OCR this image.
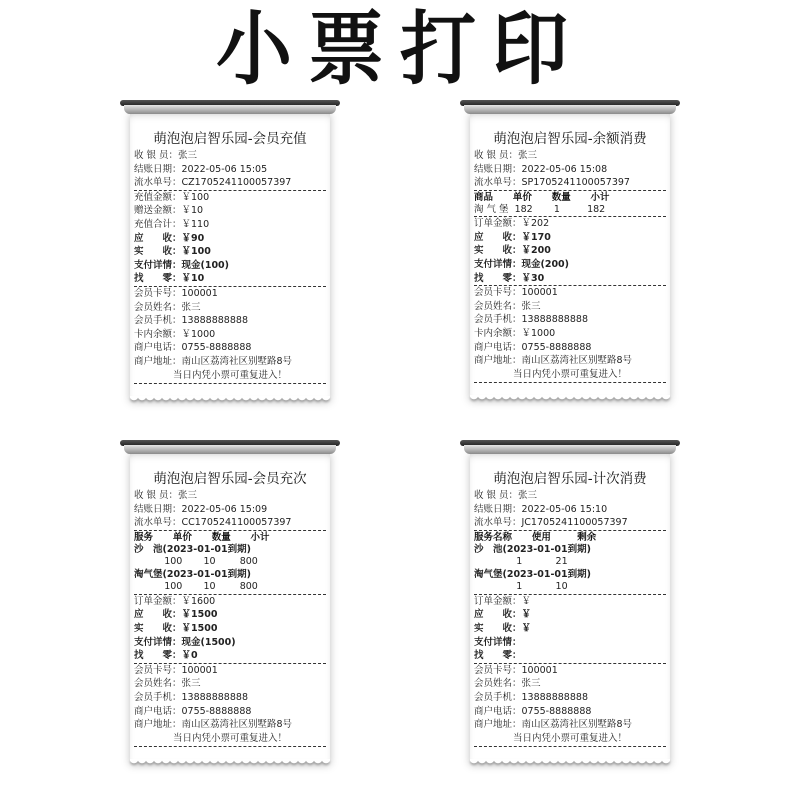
小票打印
萌泡泡启智乐园-会员充值
收 银 员：张三
结账日期：2022-05-06 15:05
流水单号：CZ1705241100057397
充值金额：￥100
赠送金额：￥10
充值合计：￥110
应　　收：￥90
实　　收：￥100
支付详情：现金(100)
找　　零：￥10
会员卡号：100001
会员姓名：张三
会员手机：13888888888
卡内余额：￥1000
商户电话：0755-8888888
商户地址：南山区荔湾社区别墅路8号
当日内凭小票可重复进入！
萌泡泡启智乐园-余额消费
收 银 员：张三
结账日期：2022-05-06 15:08
流水单号：SP1705241100057397
商品      单价      数量      小计
淘 气 堡  182       1         182
订单金额：￥202
应　　收：￥170
实　　收：￥200
支付详情：现金(200)
找　　零：￥30
会员卡号：100001
会员姓名：张三
会员手机：13888888888
卡内余额：￥1000
商户电话：0755-8888888
商户地址：南山区荔湾社区别墅路8号
当日内凭小票可重复进入！
萌泡泡启智乐园-会员充次
收 银 员：张三
结账日期：2022-05-06 15:09
流水单号：CC1705241100057397
服务      单价      数量      小计
沙　池(2023-01-01到期)
100       10        800
淘气堡(2023-01-01到期)
100       10        800
订单金额：￥1600
应　　收：￥1500
实　　收：￥1500
支付详情：现金(1500)
找　　零：￥0
会员卡号：100001
会员姓名：张三
会员手机：13888888888
商户电话：0755-8888888
商户地址：南山区荔湾社区别墅路8号
当日内凭小票可重复进入！
萌泡泡启智乐园-计次消费
收 银 员：张三
结账日期：2022-05-06 15:10
流水单号：JC1705241100057397
服务名称      使用        剩余
沙　池(2023-01-01到期)
1           21
淘气堡(2023-01-01到期)
1           10
订单金额：￥
应　　收：￥
实　　收：￥
支付详情：
找　　零：
会员卡号：100001
会员姓名：张三
会员手机：13888888888
商户电话：0755-8888888
商户地址：南山区荔湾社区别墅路8号
当日内凭小票可重复进入！
